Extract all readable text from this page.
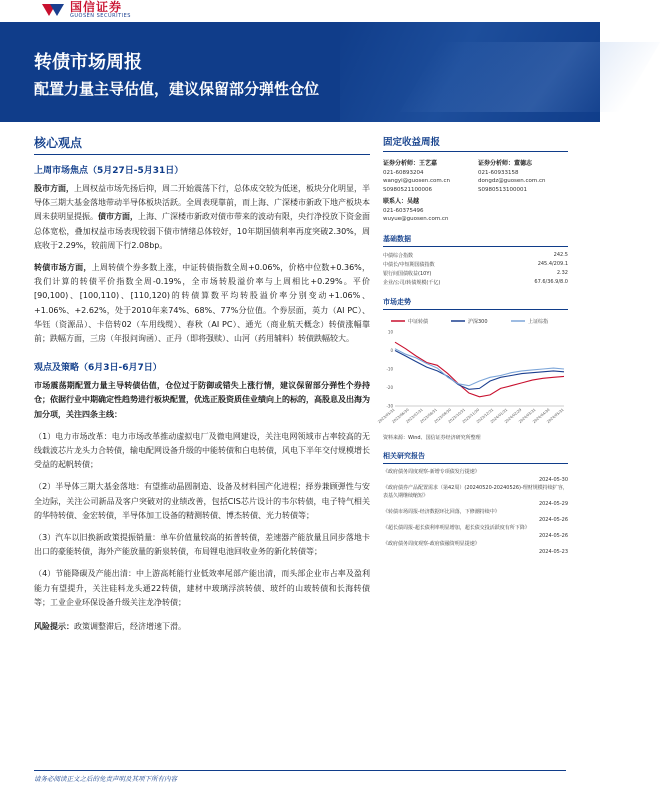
国信证券
GUOSEN SECURITIES
转债市场周报
配置力量主导估值，建议保留部分弹性仓位
核心观点
上周市场焦点（5月27日-5月31日）

股市方面，上周权益市场先扬后抑，周二开始震荡下行，总体成交较为低迷，板块分化明显，半导体三期大基金落地带动半导体板块活跃。全周表现靠前，而上海、广深楼市新政下地产板块本周未获明显提振。债市方面，上海、广深楼市新政对债市带来的波动有限，央行净投放下资金面总体宽松，叠加权益市场表现较弱下债市情绪总体较好，10年期国债利率再度突破2.30%，周底收于2.29%，较前周下行2.08bp。

转债市场方面，上周转债个券多数上涨，中证转债指数全周+0.06%，价格中位数+0.36%，我们计算的转债平价指数全周-0.19%，全市场转股溢价率与上周相比+0.29%。平价[90,100)、[100,110)、[110,120)的转债算数平均转股溢价率分别变动+1.06%、+1.06%、+2.62%，处于2010年来74%、68%、77%分位值。个券层面，英力（AI PC）、华钰（资源品）、卡倍转02（车用线缆）、春秋（AI PC）、通光（商业航天概念）转债涨幅靠前；跌幅方面，三房（年报问询函）、正丹（即将强赎）、山河（药用辅料）转债跌幅较大。

观点及策略（6月3日-6月7日）

市场震荡期配置力量主导转债估值，仓位过于防御或错失上涨行情，建议保留部分弹性个券持仓；依据行业中期确定性趋势进行板块配置，优选正股资质佳业绩向上的标的，高股息及出海为加分项，关注四条主线：

（1）电力市场改革：电力市场改革推动虚拟电厂及微电网建设，关注电网领域市占率较高的无线载波芯片龙头力合转债，输电配网设备升级的中能转债和白电转债，风电下半年交付规模增长受益的起帆转债；

（2）半导体三期大基金落地：有望推动晶圆制造、设备及材料国产化进程；择券兼顾弹性与安全边际，关注公司新品及客户突破对的业绩改善，包括CIS芯片设计的韦尔转债，电子特气相关的华特转债、金宏转债，半导体加工设备的精测转债、博杰转债、光力转债等；

（3）汽车以旧换新政策提振销量：单车价值量较高的拓普转债，差速器产能放量且同步落地卡出口的豪能转债，海外产能放量的新泉转债，布局锂电池回收业务的新化转债等；

（4）节能降碳及产能出清：中上游高耗能行业低效率尾部产能出清，而头部企业市占率及盈利能力有望提升，关注硅料龙头通22转债，建材中玻璃浮滨转债、玻纤的山玻转债和长海转债等；工业企业环保设备升级关注龙净转债；

风险提示：政策调整滞后，经济增速下滑。

固定收益周报
证券分析师：王艺嘉
021-60893204
wangyi@guosen.com.cn
S0980521100006
证券分析师：董德志
021-60933158
dongdz@guosen.com.cn
S0980513100001
联系人：吴越
021-60375496
wuyue@guosen.com.cn
基础数据
中债综合指数	242.5
中债长/中短期国债指数	245.4/209.1
银行间国债收益(10Y)	2.32
企业/公司/转债规模(千亿)	67.6/36.9/8.0
市场走势
中证转债	沪深300	上证综指
-30
-20
-10
0
10
2023/05/31
2023/06/30
2023/07/31
2023/08/31
2023/09/30
2023/10/31
2023/11/30
2023/12/31
2024/01/31
2024/02/29
2024/03/31
2024/04/30
2024/05/31
资料来源：Wind、国信证券经济研究所整理
相关研究报告
《政府债务周度观察-新增专项债发行提速》
2024-05-30
《政府债券产品配置需求（第42周）(20240520-20240526)-理财规模持续扩容，表基久期继续缩短》
2024-05-29
《转债市场周报-经济数据环比回落，下修潮持续中》
2024-05-26
《超长债周报-超长债利率明显增加，超长债交投活跃度有所下降》
2024-05-26
《政府债务周度观察-政府债融资明显提速》
2024-05-23
请务必阅读正文之后的免责声明及其项下所有内容
